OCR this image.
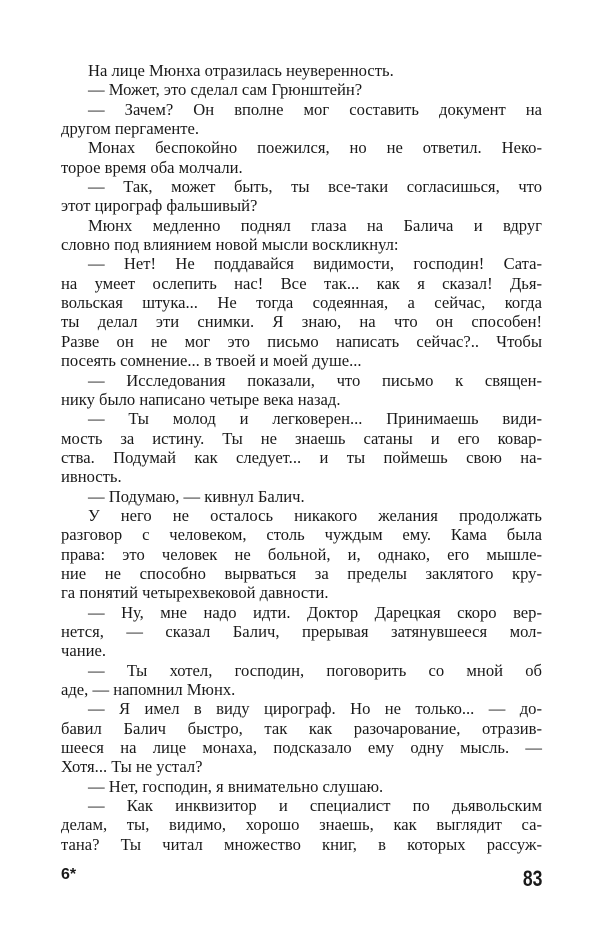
На лице Мюнха отразилась неуверенность.
— Может, это сделал сам Грюнштейн?
— Зачем? Он вполне мог составить документ на
другом пергаменте.
Монах беспокойно поежился, но не ответил. Неко-
торое время оба молчали.
— Так, может быть, ты все-таки согласишься, что
этот цирограф фальшивый?
Мюнх медленно поднял глаза на Балича и вдруг
словно под влиянием новой мысли воскликнул:
— Нет! Не поддавайся видимости, господин! Сата-
на умеет ослепить нас! Все так... как я сказал! Дья-
вольская штука... Не тогда содеянная, а сейчас, когда
ты делал эти снимки. Я знаю, на что он способен!
Разве он не мог это письмо написать сейчас?.. Чтобы
посеять сомнение... в твоей и моей душе...
— Исследования показали, что письмо к священ-
нику было написано четыре века назад.
— Ты молод и легковерен... Принимаешь види-
мость за истину. Ты не знаешь сатаны и его ковар-
ства. Подумай как следует... и ты поймешь свою на-
ивность.
— Подумаю, — кивнул Балич.
У него не осталось никакого желания продолжать
разговор с человеком, столь чуждым ему. Кама была
права: это человек не больной, и, однако, его мышле-
ние не способно вырваться за пределы заклятого кру-
га понятий четырехвековой давности.
— Ну, мне надо идти. Доктор Дарецкая скоро вер-
нется, — сказал Балич, прерывая затянувшееся мол-
чание.
— Ты хотел, господин, поговорить со мной об
аде, — напомнил Мюнх.
— Я имел в виду цирограф. Но не только... — до-
бавил Балич быстро, так как разочарование, отразив-
шееся на лице монаха, подсказало ему одну мысль. —
Хотя... Ты не устал?
— Нет, господин, я внимательно слушаю.
— Как инквизитор и специалист по дьявольским
делам, ты, видимо, хорошо знаешь, как выглядит са-
тана? Ты читал множество книг, в которых рассуж-
6*	83
